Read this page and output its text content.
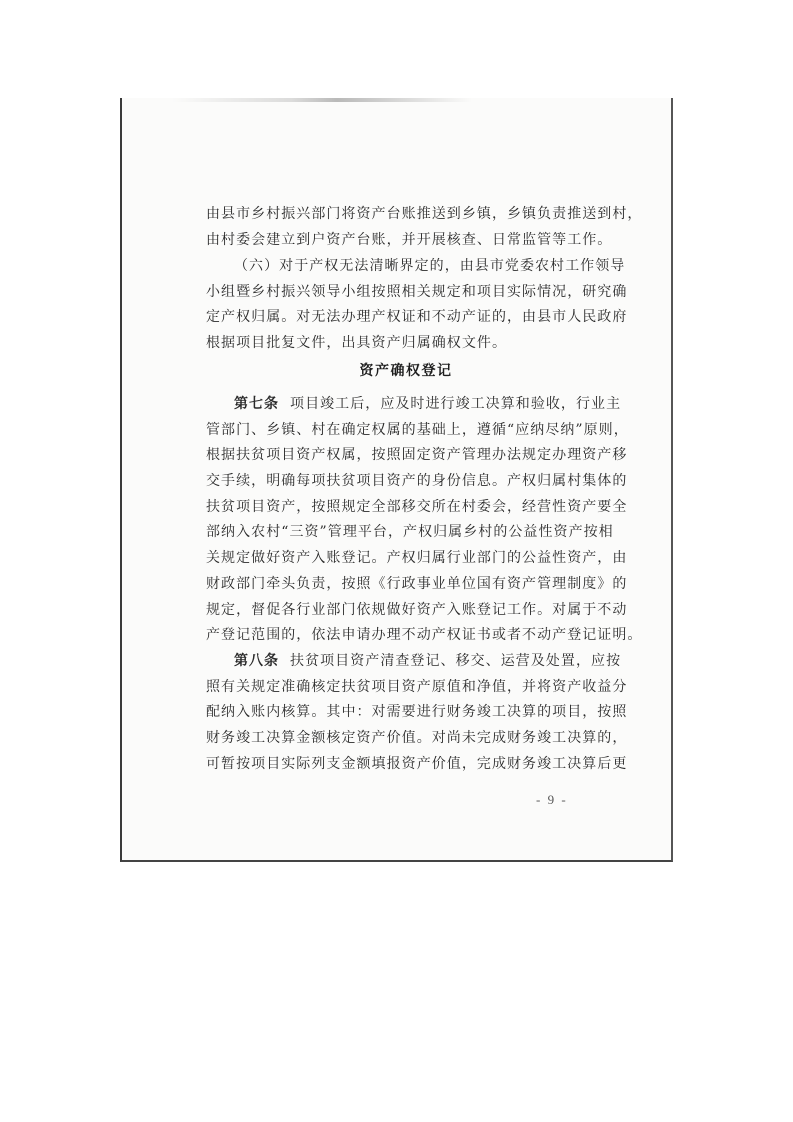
由县市乡村振兴部门将资产台账推送到乡镇，乡镇负责推送到村，
由村委会建立到户资产台账，并开展核查、日常监管等工作。
（六）对于产权无法清晰界定的，由县市党委农村工作领导
小组暨乡村振兴领导小组按照相关规定和项目实际情况，研究确
定产权归属。对无法办理产权证和不动产证的，由县市人民政府
根据项目批复文件，出具资产归属确权文件。
资产确权登记
第七条 项目竣工后，应及时进行竣工决算和验收，行业主
管部门、乡镇、村在确定权属的基础上，遵循“应纳尽纳”原则，
根据扶贫项目资产权属，按照固定资产管理办法规定办理资产移
交手续，明确每项扶贫项目资产的身份信息。产权归属村集体的
扶贫项目资产，按照规定全部移交所在村委会，经营性资产要全
部纳入农村“三资”管理平台，产权归属乡村的公益性资产按相
关规定做好资产入账登记。产权归属行业部门的公益性资产，由
财政部门牵头负责，按照《行政事业单位国有资产管理制度》的
规定，督促各行业部门依规做好资产入账登记工作。对属于不动
产登记范围的，依法申请办理不动产权证书或者不动产登记证明。
第八条 扶贫项目资产清查登记、移交、运营及处置，应按
照有关规定准确核定扶贫项目资产原值和净值，并将资产收益分
配纳入账内核算。其中：对需要进行财务竣工决算的项目，按照
财务竣工决算金额核定资产价值。对尚未完成财务竣工决算的，
可暂按项目实际列支金额填报资产价值，完成财务竣工决算后更
- 9 -
